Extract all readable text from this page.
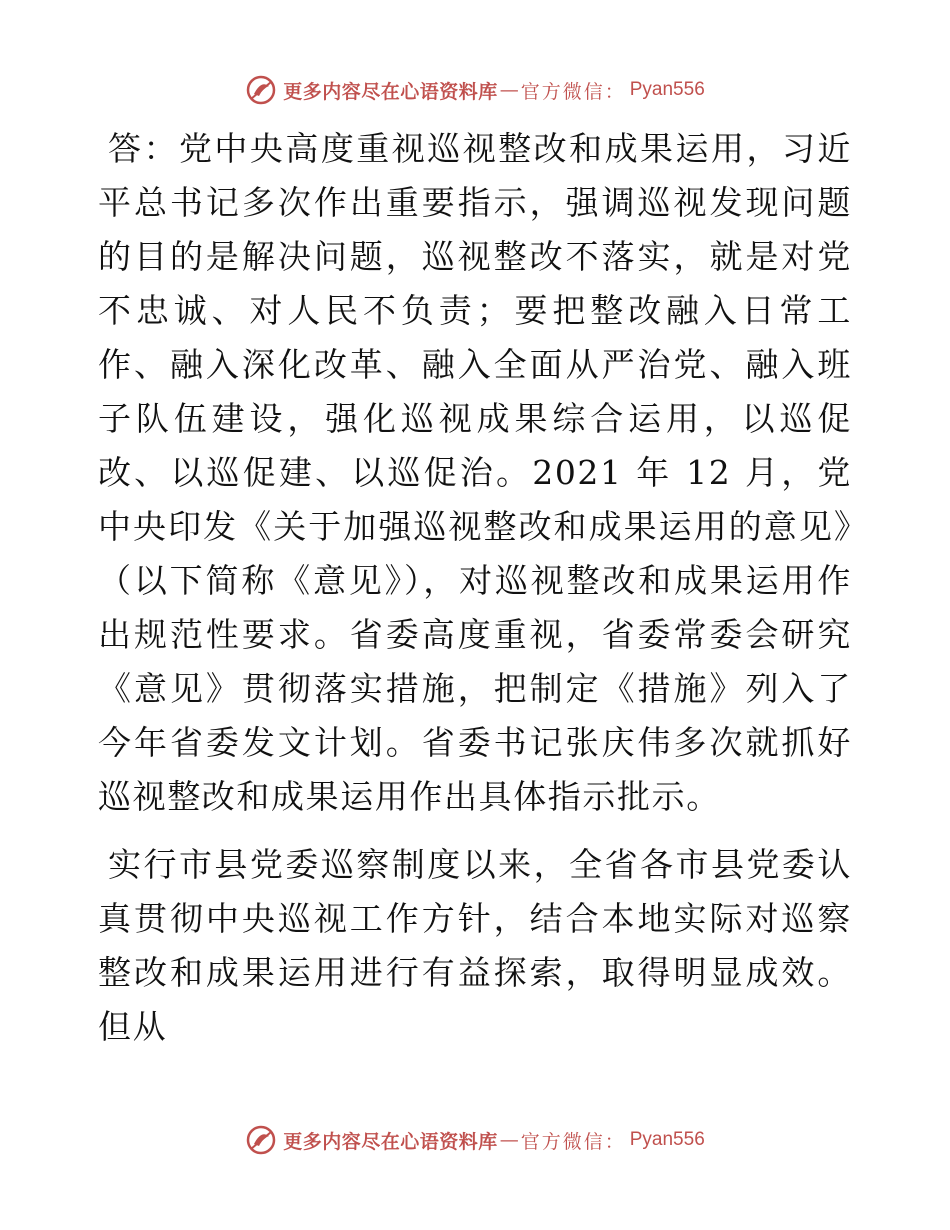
更多内容尽在心语资料库 — 官方微信： Pyan556

答：党中央高度重视巡视整改和成果运用，习近平总书记多次作出重要指示，强调巡视发现问题的目的是解决问题，巡视整改不落实，就是对党不忠诚、对人民不负责；要把整改融入日常工作、融入深化改革、融入全面从严治党、融入班子队伍建设，强化巡视成果综合运用，以巡促改、以巡促建、以巡促治。2021 年 12 月，党中央印发《关于加强巡视整改和成果运用的意见》（以下简称《意见》），对巡视整改和成果运用作出规范性要求。省委高度重视，省委常委会研究《意见》贯彻落实措施，把制定《措施》列入了今年省委发文计划。省委书记张庆伟多次就抓好巡视整改和成果运用作出具体指示批示。

实行市县党委巡察制度以来，全省各市县党委认真贯彻中央巡视工作方针，结合本地实际对巡察整改和成果运用进行有益探索，取得明显成效。但从

更多内容尽在心语资料库 — 官方微信： Pyan556
